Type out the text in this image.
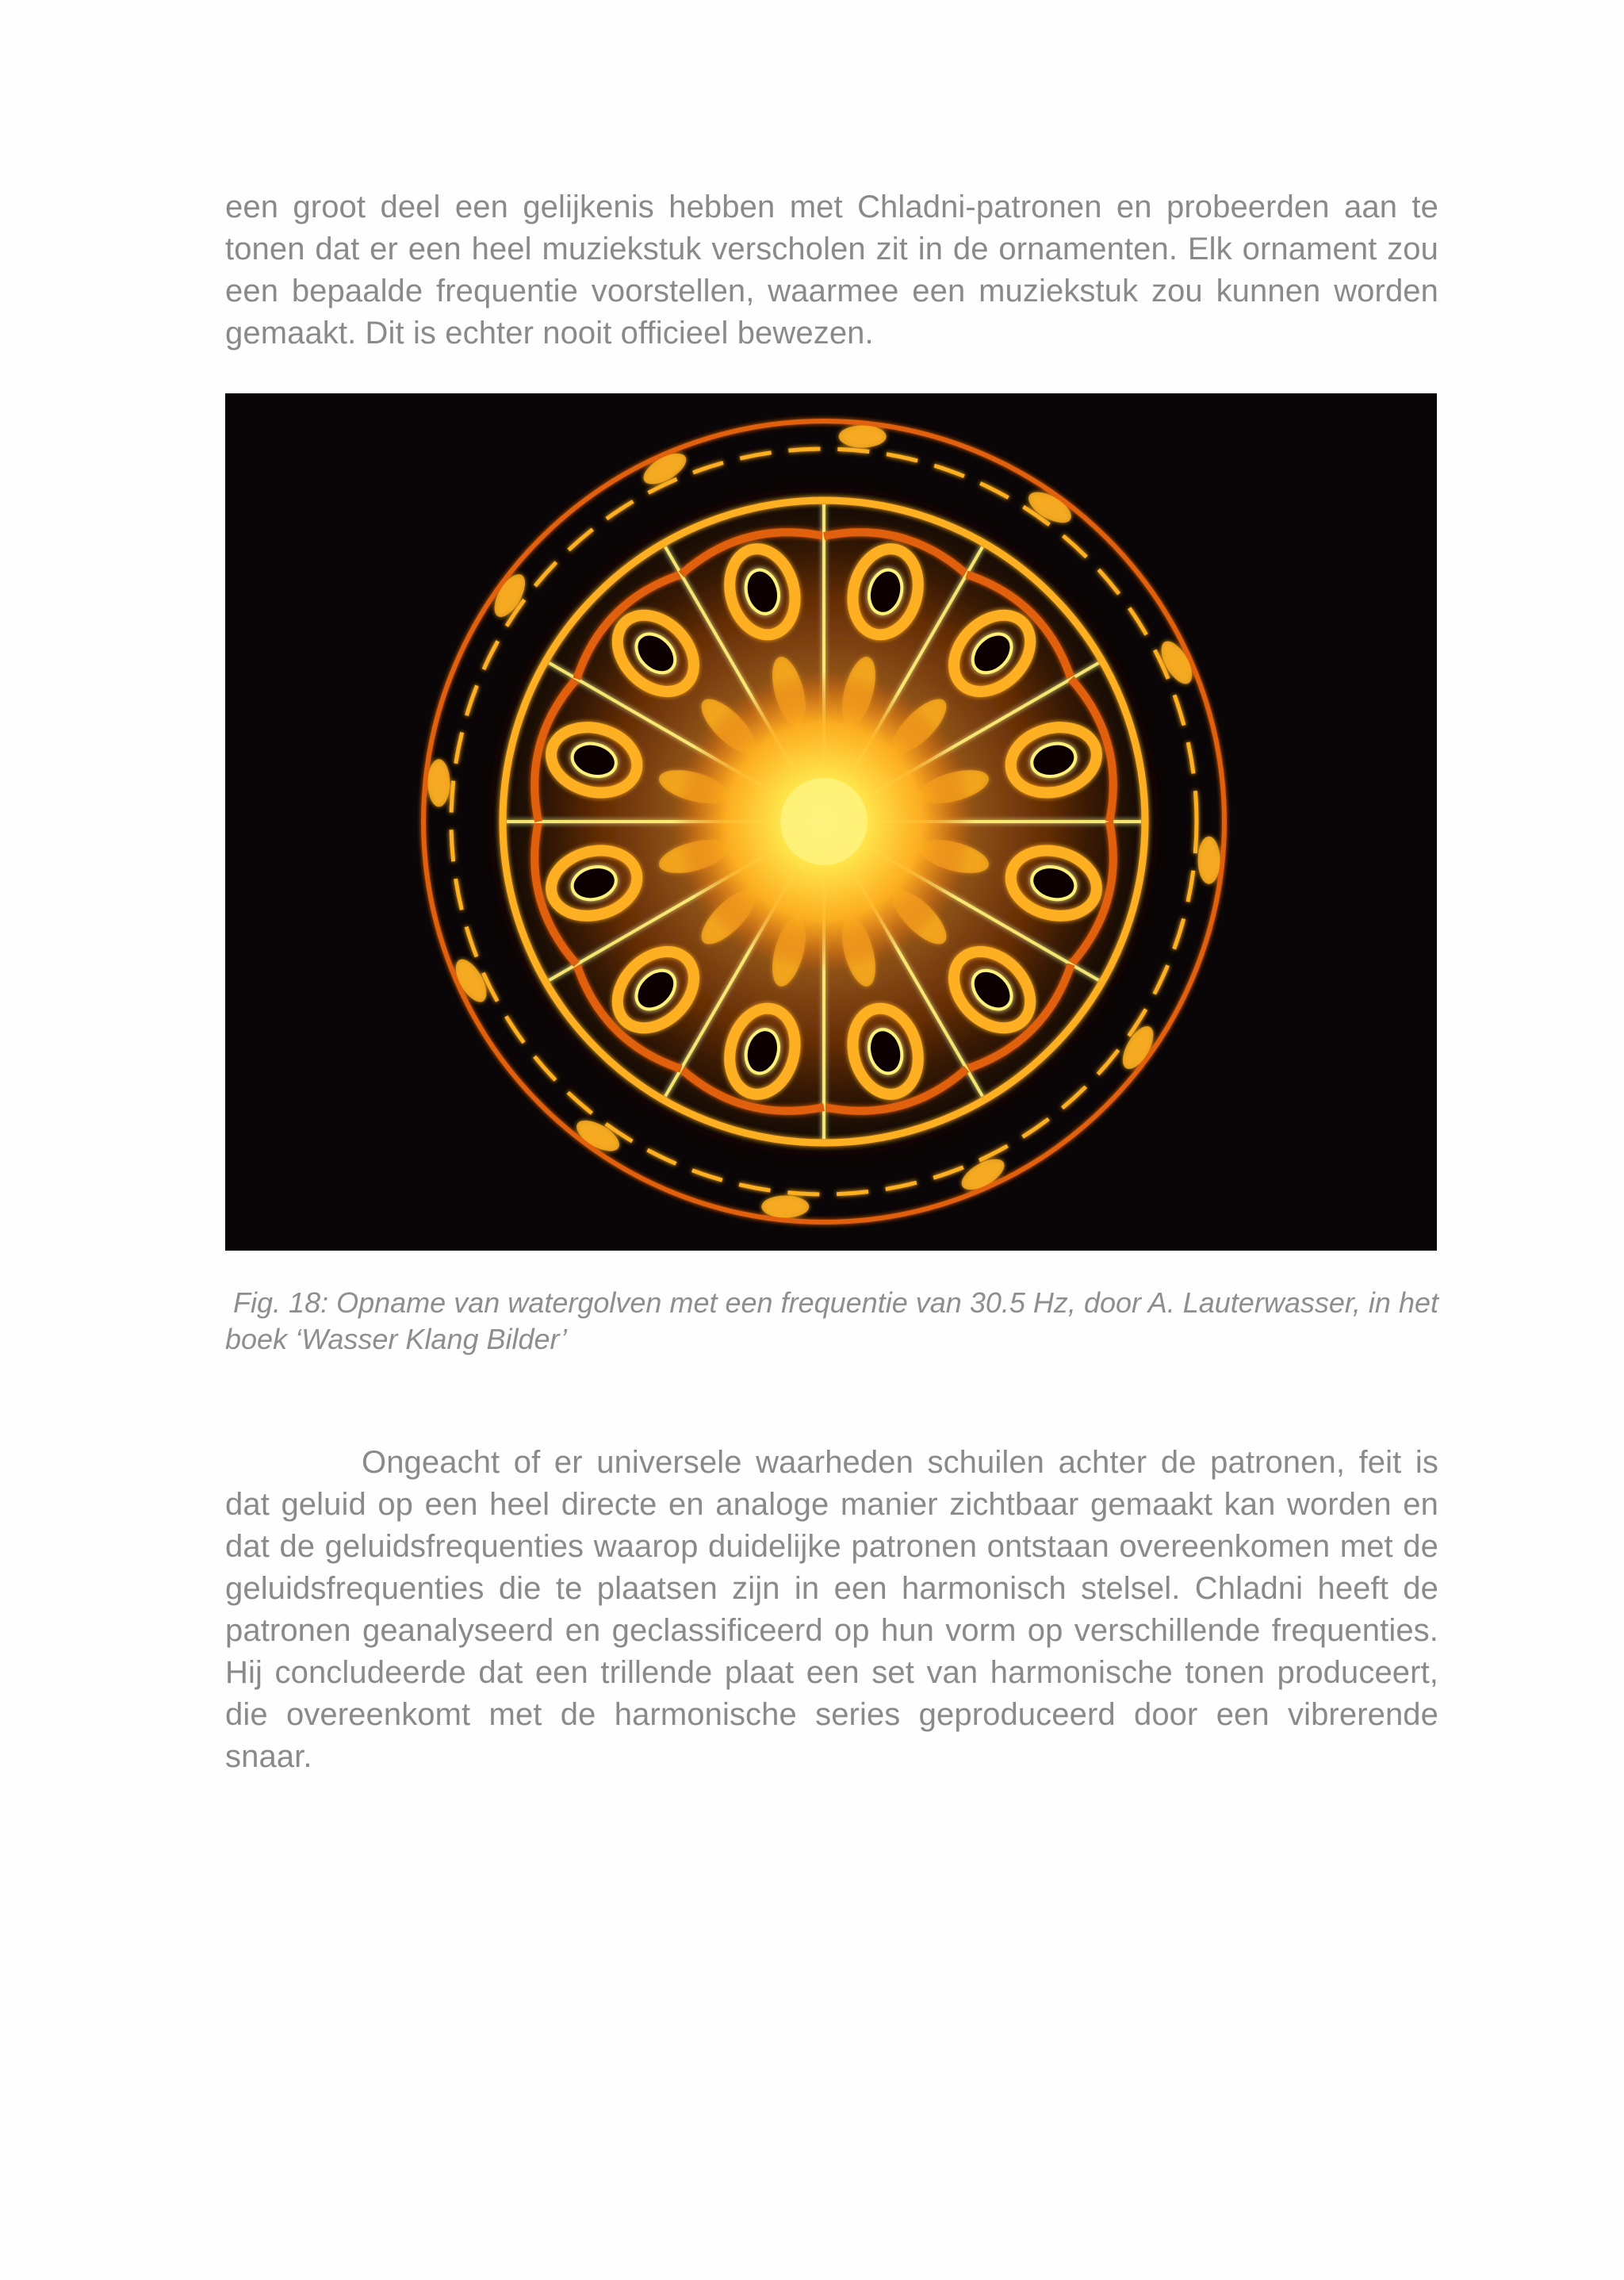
een groot deel een gelijkenis hebben met Chladni-patronen en probeerden aan te tonen dat er een heel muziekstuk verscholen zit in de ornamenten. Elk ornament zou een bepaalde frequentie voorstellen, waarmee een muziekstuk zou kunnen worden gemaakt. Dit is echter nooit officieel bewezen.

Fig. 18: Opname van watergolven met een frequentie van 30.5 Hz, door A. Lauterwasser, in het boek ‘Wasser Klang Bilder’

Ongeacht of er universele waarheden schuilen achter de patronen, feit is dat geluid op een heel directe en analoge manier zichtbaar gemaakt kan worden en dat de geluidsfrequenties waarop duidelijke patronen ontstaan overeenkomen met de geluidsfrequenties die te plaatsen zijn in een harmonisch stelsel. Chladni heeft de patronen geanalyseerd en geclassificeerd op hun vorm op verschillende frequenties. Hij concludeerde dat een trillende plaat een set van harmonische tonen produceert, die overeenkomt met de harmonische series geproduceerd door een vibrerende snaar.
